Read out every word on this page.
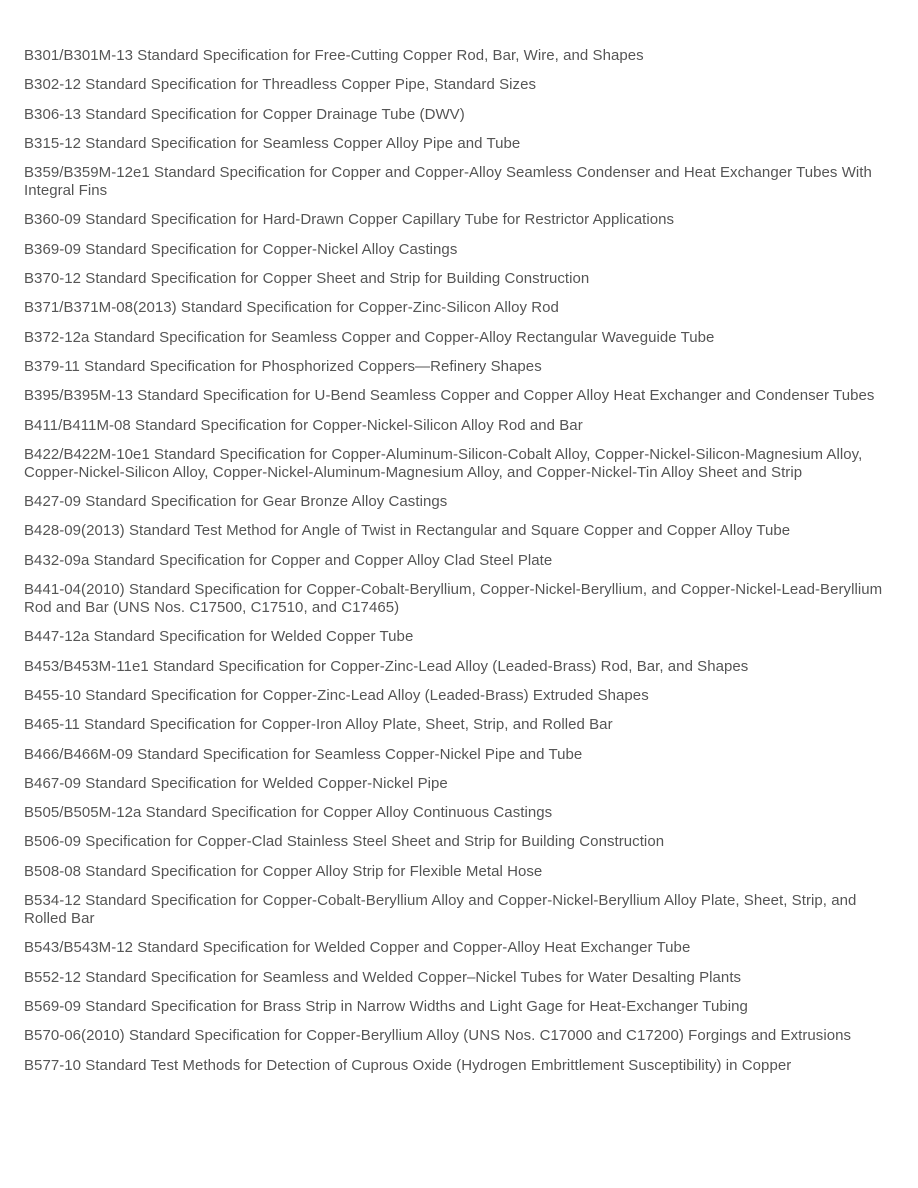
B301/B301M-13 Standard Specification for Free-Cutting Copper Rod, Bar, Wire, and Shapes

B302-12 Standard Specification for Threadless Copper Pipe, Standard Sizes

B306-13 Standard Specification for Copper Drainage Tube (DWV)

B315-12 Standard Specification for Seamless Copper Alloy Pipe and Tube

B359/B359M-12e1 Standard Specification for Copper and Copper-Alloy Seamless Condenser and Heat Exchanger Tubes With Integral Fins

B360-09 Standard Specification for Hard-Drawn Copper Capillary Tube for Restrictor Applications

B369-09 Standard Specification for Copper-Nickel Alloy Castings

B370-12 Standard Specification for Copper Sheet and Strip for Building Construction

B371/B371M-08(2013) Standard Specification for Copper-Zinc-Silicon Alloy Rod

B372-12a Standard Specification for Seamless Copper and Copper-Alloy Rectangular Waveguide Tube

B379-11 Standard Specification for Phosphorized Coppers—Refinery Shapes

B395/B395M-13 Standard Specification for U-Bend Seamless Copper and Copper Alloy Heat Exchanger and Condenser Tubes

B411/B411M-08 Standard Specification for Copper-Nickel-Silicon Alloy Rod and Bar

B422/B422M-10e1 Standard Specification for Copper-Aluminum-Silicon-Cobalt Alloy, Copper-Nickel-Silicon-Magnesium Alloy, Copper-Nickel-Silicon Alloy, Copper-Nickel-Aluminum-Magnesium Alloy, and Copper-Nickel-Tin Alloy Sheet and Strip

B427-09 Standard Specification for Gear Bronze Alloy Castings

B428-09(2013) Standard Test Method for Angle of Twist in Rectangular and Square Copper and Copper Alloy Tube

B432-09a Standard Specification for Copper and Copper Alloy Clad Steel Plate

B441-04(2010) Standard Specification for Copper-Cobalt-Beryllium, Copper-Nickel-Beryllium, and Copper-Nickel-Lead-Beryllium Rod and Bar (UNS Nos. C17500, C17510, and C17465)

B447-12a Standard Specification for Welded Copper Tube

B453/B453M-11e1 Standard Specification for Copper-Zinc-Lead Alloy (Leaded-Brass) Rod, Bar, and Shapes

B455-10 Standard Specification for Copper-Zinc-Lead Alloy (Leaded-Brass) Extruded Shapes

B465-11 Standard Specification for Copper-Iron Alloy Plate, Sheet, Strip, and Rolled Bar

B466/B466M-09 Standard Specification for Seamless Copper-Nickel Pipe and Tube

B467-09 Standard Specification for Welded Copper-Nickel Pipe

B505/B505M-12a Standard Specification for Copper Alloy Continuous Castings

B506-09 Specification for Copper-Clad Stainless Steel Sheet and Strip for Building Construction

B508-08 Standard Specification for Copper Alloy Strip for Flexible Metal Hose

B534-12 Standard Specification for Copper-Cobalt-Beryllium Alloy and Copper-Nickel-Beryllium Alloy Plate, Sheet, Strip, and Rolled Bar

B543/B543M-12 Standard Specification for Welded Copper and Copper-Alloy Heat Exchanger Tube

B552-12 Standard Specification for Seamless and Welded Copper–Nickel Tubes for Water Desalting Plants

B569-09 Standard Specification for Brass Strip in Narrow Widths and Light Gage for Heat-Exchanger Tubing

B570-06(2010) Standard Specification for Copper-Beryllium Alloy (UNS Nos. C17000 and C17200) Forgings and Extrusions

B577-10 Standard Test Methods for Detection of Cuprous Oxide (Hydrogen Embrittlement Susceptibility) in Copper
